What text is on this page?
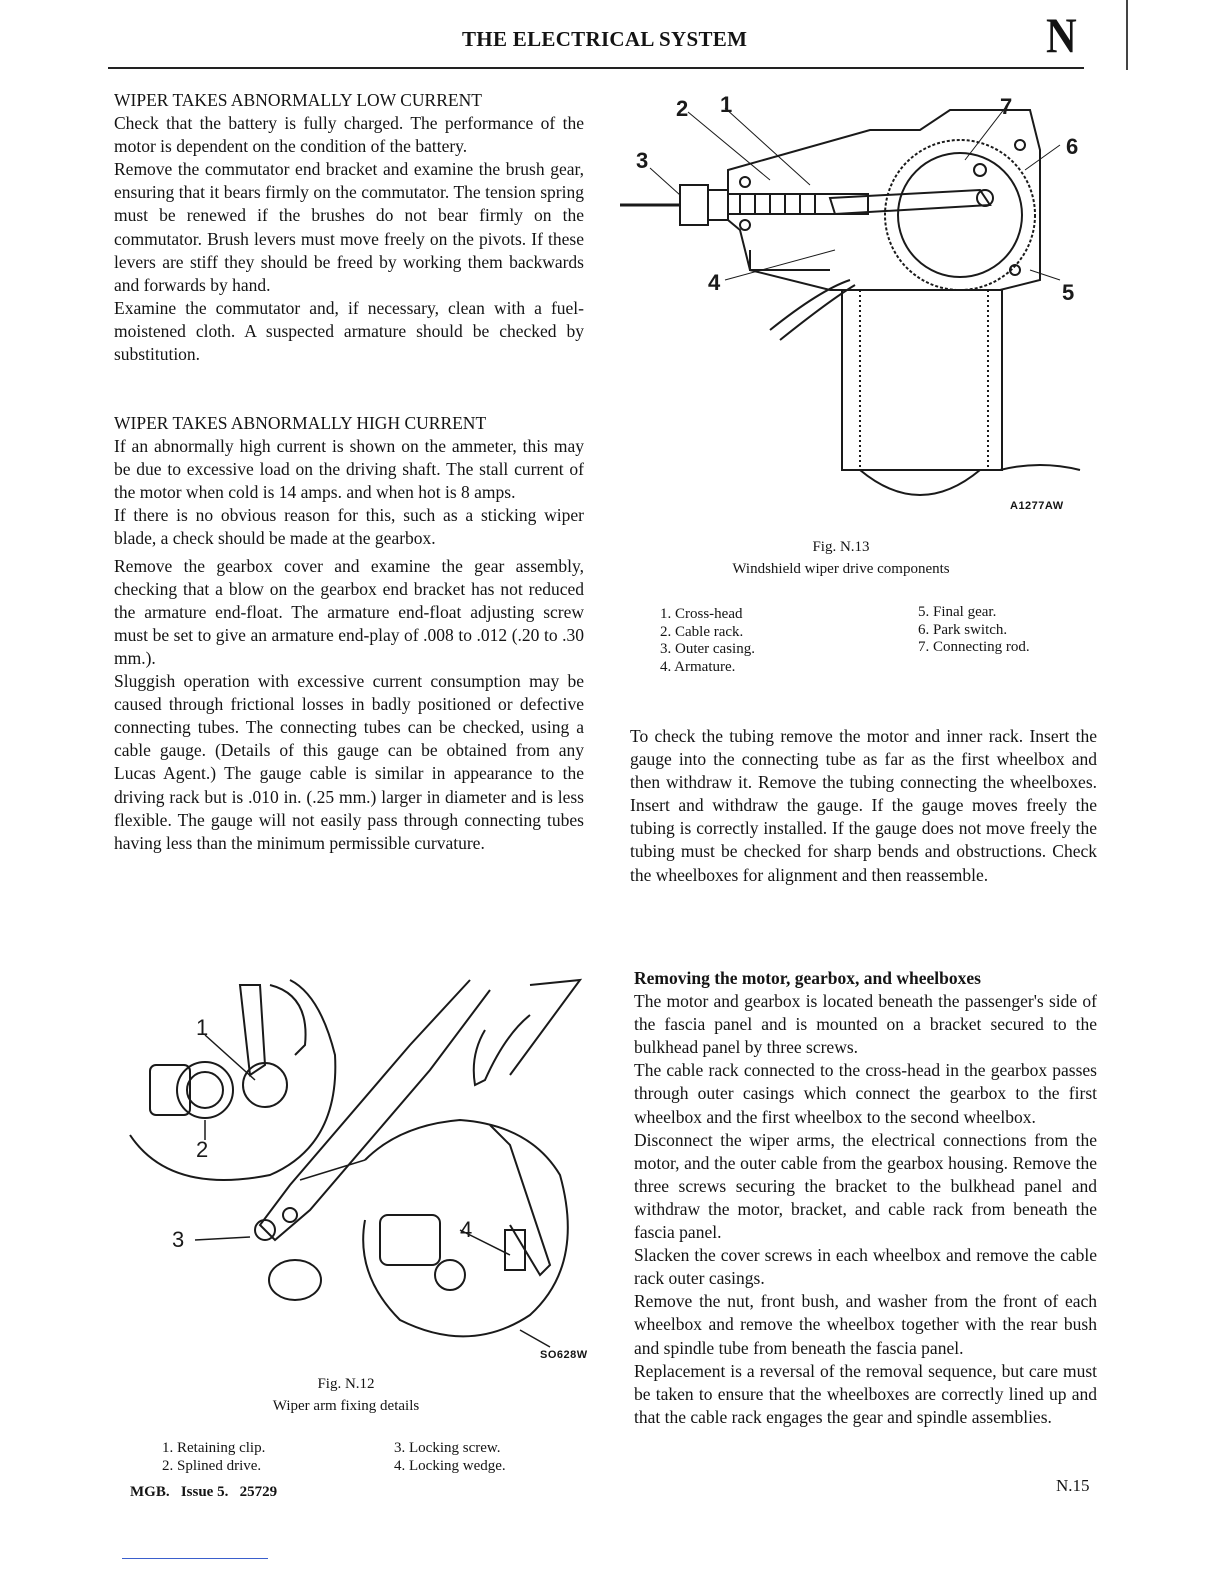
THE ELECTRICAL SYSTEM	N

WIPER TAKES ABNORMALLY LOW CURRENT

Check that the battery is fully charged. The performance of the motor is dependent on the condition of the battery.

Remove the commutator end bracket and examine the brush gear, ensuring that it bears firmly on the commutator. The tension spring must be renewed if the brushes do not bear firmly on the commutator. Brush levers must move freely on the pivots. If these levers are stiff they should be freed by working them backwards and forwards by hand.

Examine the commutator and, if necessary, clean with a fuel-moistened cloth. A suspected armature should be checked by substitution.

WIPER TAKES ABNORMALLY HIGH CURRENT

If an abnormally high current is shown on the ammeter, this may be due to excessive load on the driving shaft. The stall current of the motor when cold is 14 amps. and when hot is 8 amps.

If there is no obvious reason for this, such as a sticking wiper blade, a check should be made at the gearbox.

Remove the gearbox cover and examine the gear assembly, checking that a blow on the gearbox end bracket has not reduced the armature end-float. The armature end-float adjusting screw must be set to give an armature end-play of .008 to .012 (.20 to .30 mm.).

Sluggish operation with excessive current consumption may be caused through frictional losses in badly positioned or defective connecting tubes. The connecting tubes can be checked, using a cable gauge. (Details of this gauge can be obtained from any Lucas Agent.) The gauge cable is similar in appearance to the driving rack but is .010 in. (.25 mm.) larger in diameter and is less flexible. The gauge will not easily pass through connecting tubes having less than the minimum permissible curvature.

2 1
3
4	5
6
7
A1277AW
Fig. N.13
Windshield wiper drive components
1. Cross-head
2. Cable rack.
3. Outer casing.
4. Armature.
5. Final gear.
6. Park switch.
7. Connecting rod.

To check the tubing remove the motor and inner rack. Insert the gauge into the connecting tube as far as the first wheelbox and then withdraw it. Remove the tubing connecting the wheelboxes. Insert and withdraw the gauge. If the gauge moves freely the tubing is correctly installed. If the gauge does not move freely the tubing must be checked for sharp bends and obstructions. Check the wheelboxes for alignment and then reassemble.

Removing the motor, gearbox, and wheelboxes

The motor and gearbox is located beneath the passenger's side of the fascia panel and is mounted on a bracket secured to the bulkhead panel by three screws.

The cable rack connected to the cross-head in the gearbox passes through outer casings which connect the gearbox to the first wheelbox and the first wheelbox to the second wheelbox.

Disconnect the wiper arms, the electrical connections from the motor, and the outer cable from the gearbox housing. Remove the three screws securing the bracket to the bulkhead panel and withdraw the motor, bracket, and cable rack from beneath the fascia panel.

Slacken the cover screws in each wheelbox and remove the cable rack outer casings.

Remove the nut, front bush, and washer from the front of each wheelbox and remove the wheelbox together with the rear bush and spindle tube from beneath the fascia panel.

Replacement is a reversal of the removal sequence, but care must be taken to ensure that the wheelboxes are correctly lined up and that the cable rack engages the gear and spindle assemblies.

1
2
3	4
SO628W
Fig. N.12
Wiper arm fixing details
1. Retaining clip.
2. Splined drive.
3. Locking screw.
4. Locking wedge.
MGB.   Issue 5.   25729	N.15
